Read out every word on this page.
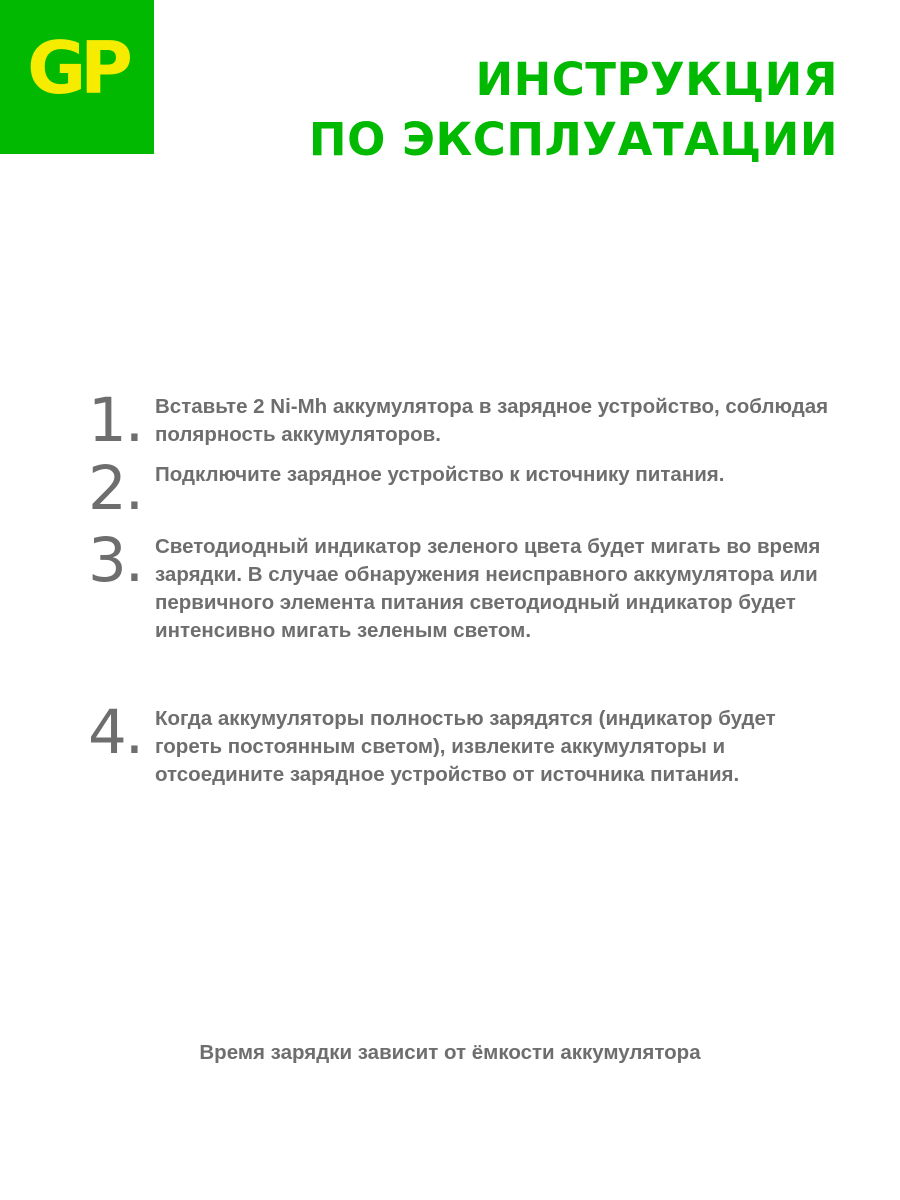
GP	ИНСТРУКЦИЯ
ПО ЭКСПЛУАТАЦИИ
1. Вставьте 2 Ni-Mh аккумулятора в зарядное устройство, соблюдая полярность аккумуляторов.
2. Подключите зарядное устройство к источнику питания.
3. Светодиодный индикатор зеленого цвета будет мигать во время зарядки. В случае обнаружения неисправного аккумулятора или первичного элемента питания светодиодный индикатор будет интенсивно мигать зеленым светом.
4. Когда аккумуляторы полностью зарядятся (индикатор будет гореть постоянным светом), извлеките аккумуляторы и отсоедините зарядное устройство от источника питания.
Время зарядки зависит от ёмкости аккумулятора
